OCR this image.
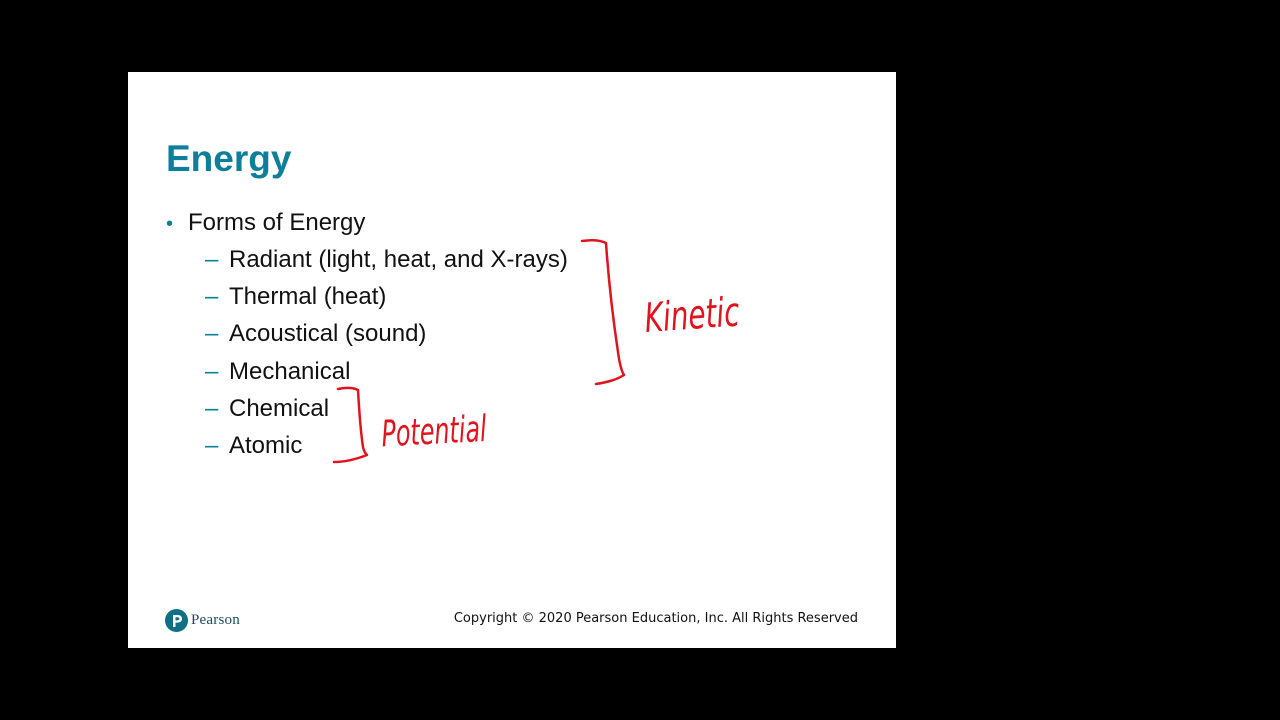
Energy
• Forms of Energy
– Radiant (light, heat, and X-rays)
– Thermal (heat)
– Acoustical (sound)
– Mechanical
– Chemical
– Atomic
Kinetic
Potential
Pearson	Copyright © 2020 Pearson Education, Inc. All Rights Reserved
